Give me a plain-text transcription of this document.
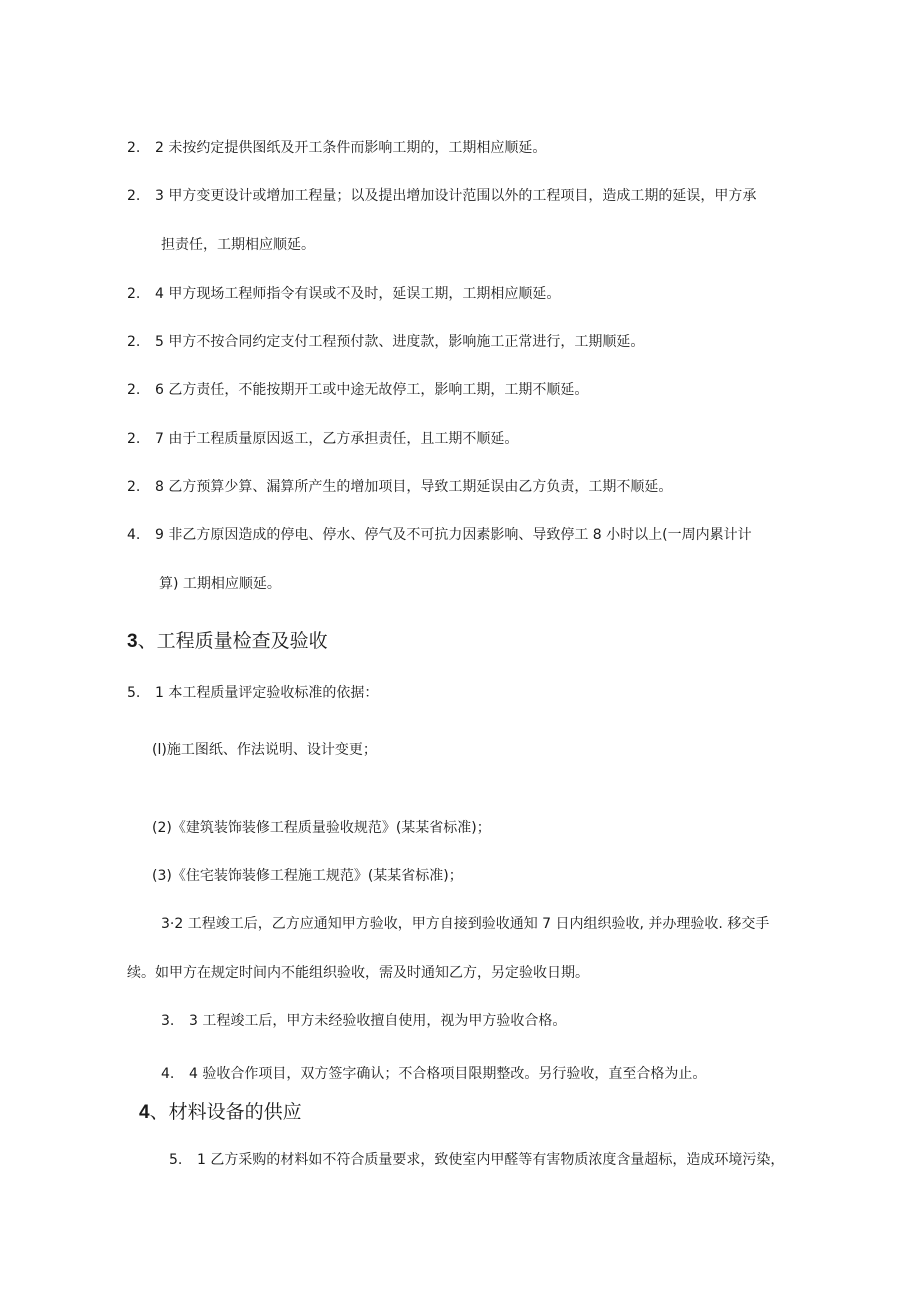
2. 2 未按约定提供图纸及开工条件而影响工期的，工期相应顺延。
2. 3 甲方变更设计或增加工程量；以及提出增加设计范围以外的工程项目，造成工期的延误，甲方承
担责任，工期相应顺延。
2. 4 甲方现场工程师指令有误或不及时，延误工期，工期相应顺延。
2. 5 甲方不按合同约定支付工程预付款、进度款，影响施工正常进行，工期顺延。
2. 6 乙方责任，不能按期开工或中途无故停工，影响工期，工期不顺延。
2. 7 由于工程质量原因返工，乙方承担责任，且工期不顺延。
2. 8 乙方预算少算、漏算所产生的增加项目，导致工期延误由乙方负责，工期不顺延。
4. 9 非乙方原因造成的停电、停水、停气及不可抗力因素影响、导致停工 8 小时以上(一周内累计计
算) 工期相应顺延。
3、工程质量检查及验收
5. 1 本工程质量评定验收标准的依据：
(l)施工图纸、作法说明、设计变更；
(2)《建筑装饰装修工程质量验收规范》(某某省标准)；
(3)《住宅装饰装修工程施工规范》(某某省标准)；
3·2 工程竣工后，乙方应通知甲方验收，甲方自接到验收通知 7 日内组织验收, 并办理验收. 移交手
续。如甲方在规定时间内不能组织验收，需及时通知乙方，另定验收日期。
3. 3 工程竣工后，甲方未经验收擅自使用，视为甲方验收合格。
4. 4 验收合作项目，双方签字确认；不合格项目限期整改。另行验收，直至合格为止。
4、材料设备的供应
5. 1 乙方采购的材料如不符合质量要求，致使室内甲醛等有害物质浓度含量超标，造成环境污染，
